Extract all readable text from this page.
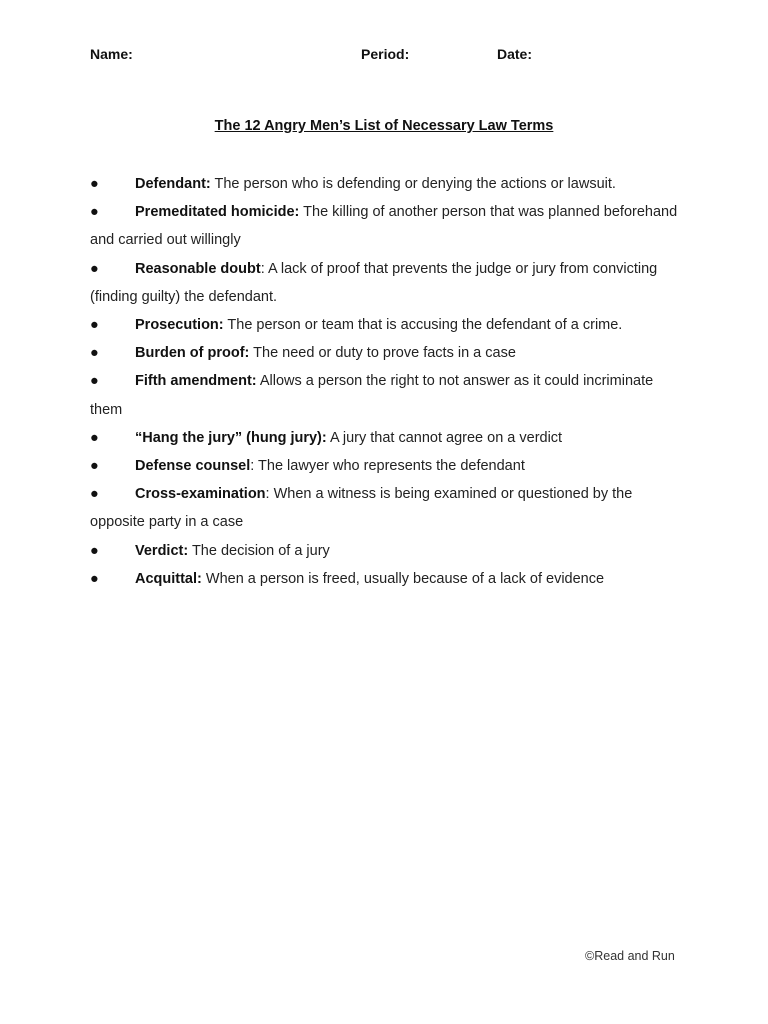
Name:	Period:	Date:
The 12 Angry Men’s List of Necessary Law Terms
● Defendant: The person who is defending or denying the actions or lawsuit.
● Premeditated homicide: The killing of another person that was planned beforehand and carried out willingly
● Reasonable doubt: A lack of proof that prevents the judge or jury from convicting (finding guilty) the defendant.
● Prosecution: The person or team that is accusing the defendant of a crime.
● Burden of proof: The need or duty to prove facts in a case
● Fifth amendment: Allows a person the right to not answer as it could incriminate them
● “Hang the jury” (hung jury): A jury that cannot agree on a verdict
● Defense counsel: The lawyer who represents the defendant
● Cross-examination: When a witness is being examined or questioned by the opposite party in a case
● Verdict: The decision of a jury
● Acquittal: When a person is freed, usually because of a lack of evidence
©Read and Run
